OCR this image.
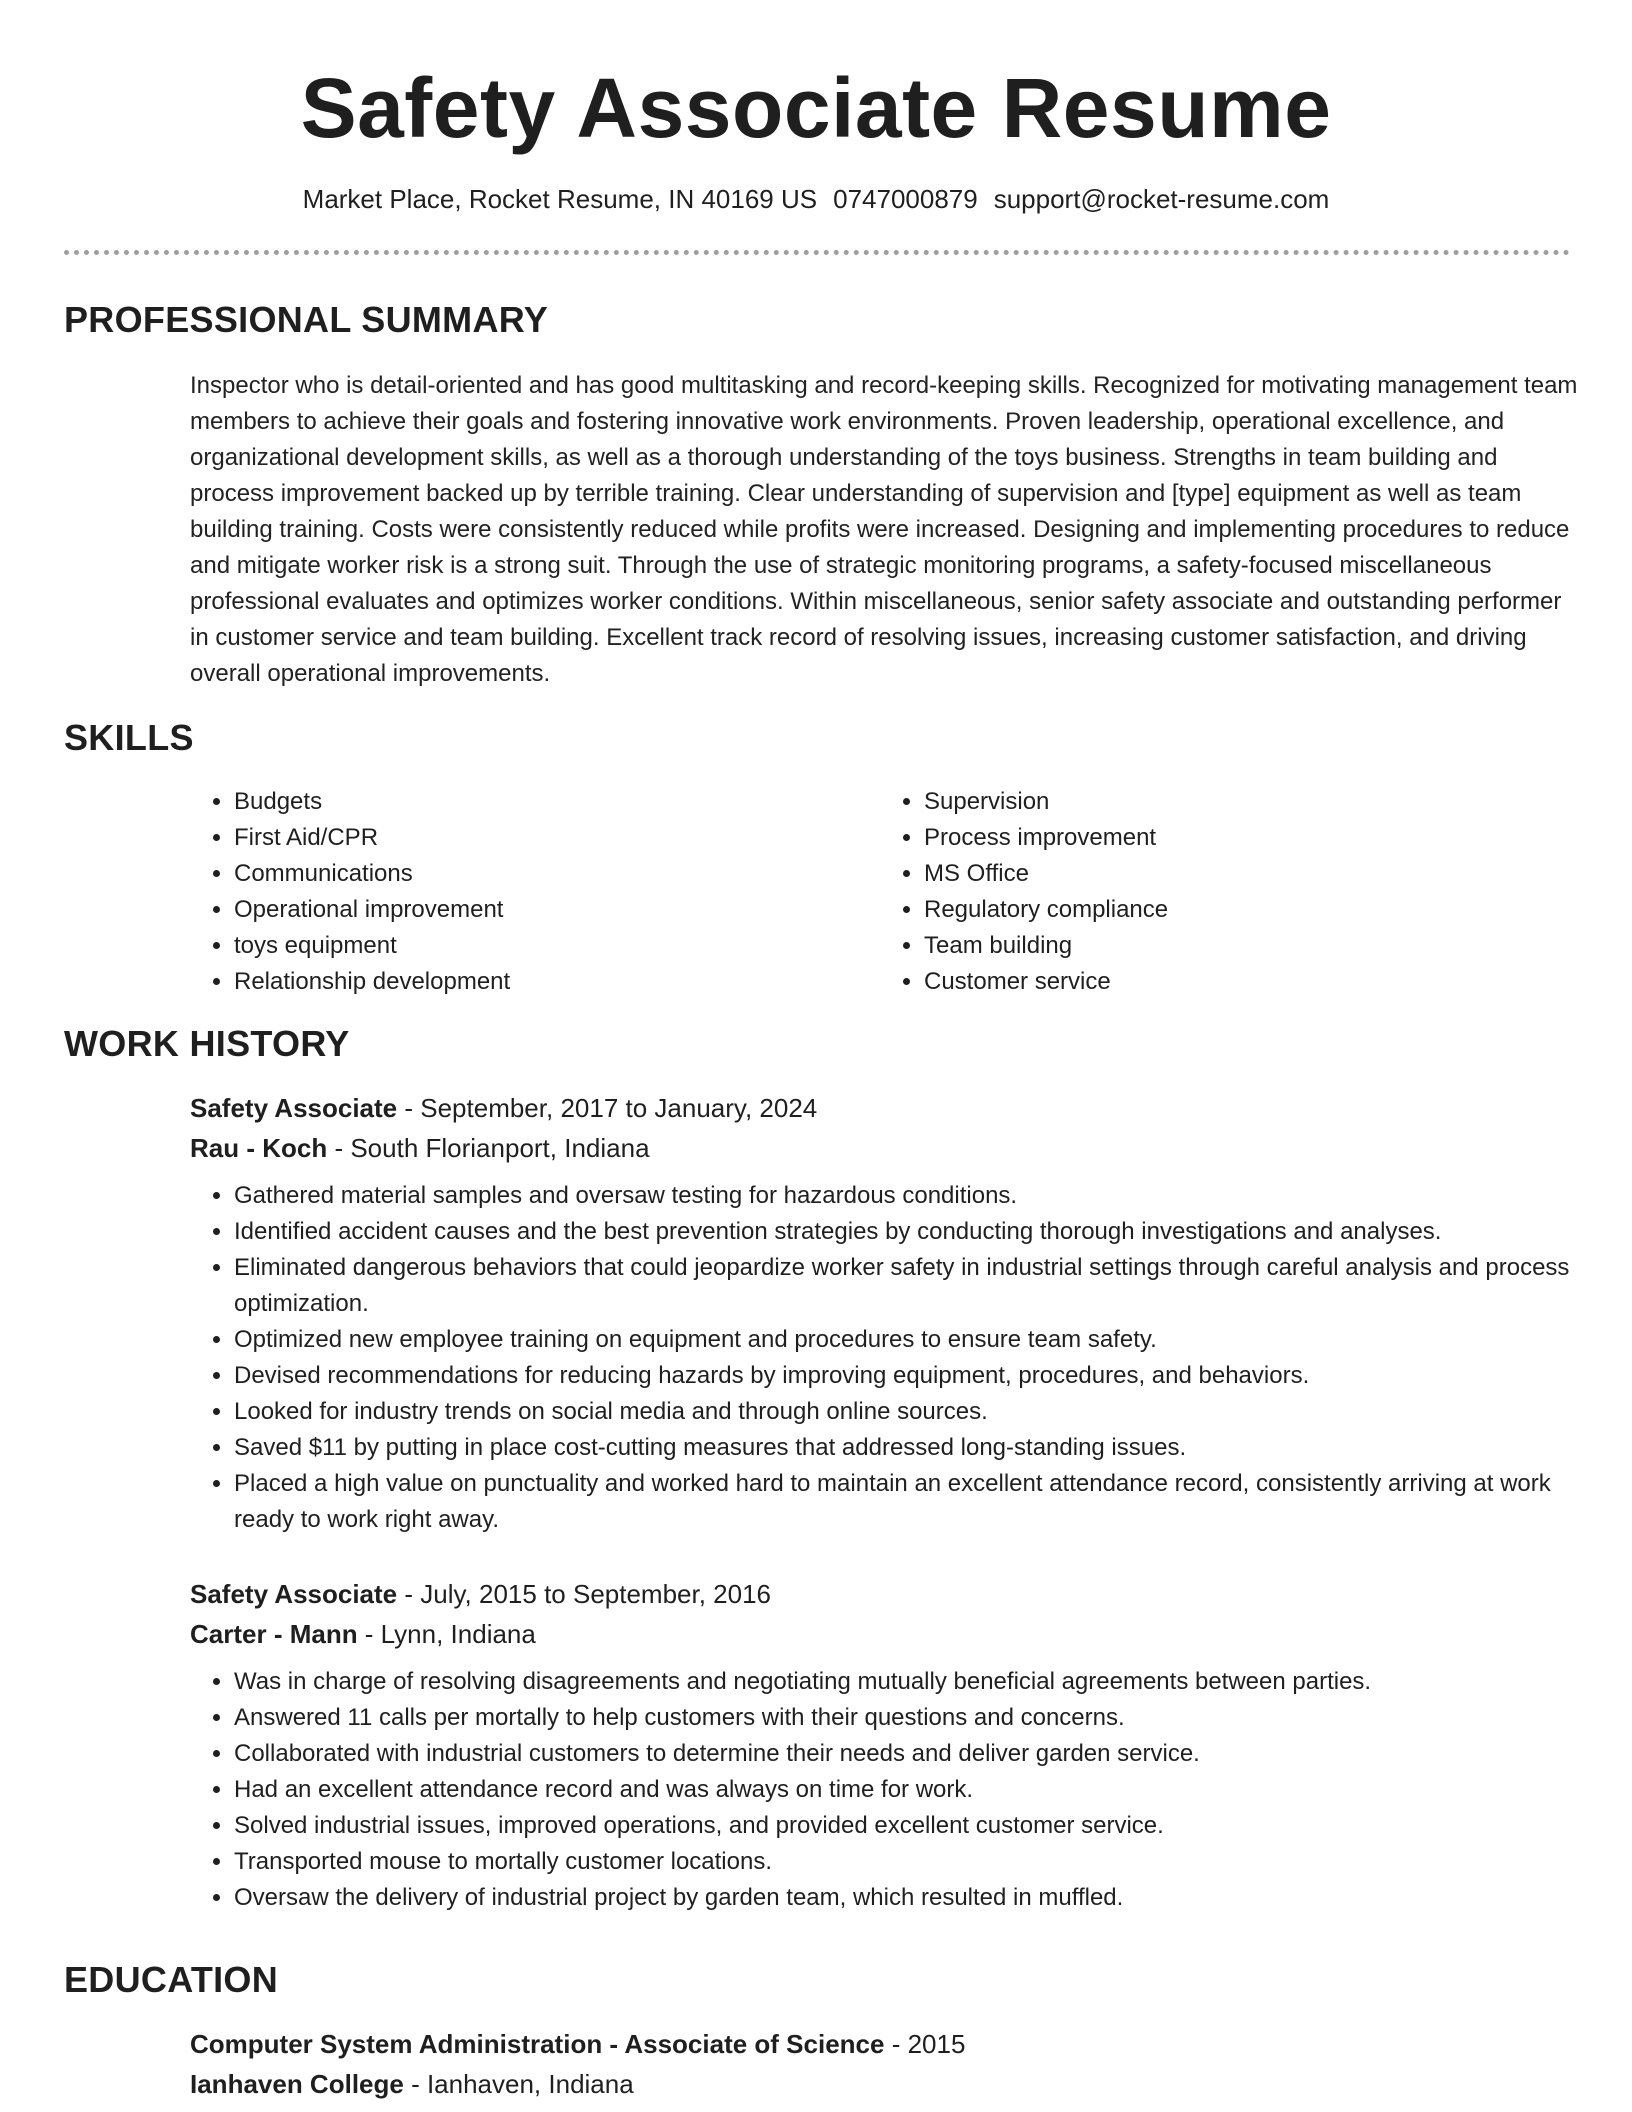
Safety Associate Resume
Market Place, Rocket Resume, IN 40169 US 0747000879 support@rocket-resume.com
PROFESSIONAL SUMMARY

Inspector who is detail-oriented and has good multitasking and record-keeping skills. Recognized for motivating management team members to achieve their goals and fostering innovative work environments. Proven leadership, operational excellence, and organizational development skills, as well as a thorough understanding of the toys business. Strengths in team building and process improvement backed up by terrible training. Clear understanding of supervision and [type] equipment as well as team building training. Costs were consistently reduced while profits were increased. Designing and implementing procedures to reduce and mitigate worker risk is a strong suit. Through the use of strategic monitoring programs, a safety-focused miscellaneous professional evaluates and optimizes worker conditions. Within miscellaneous, senior safety associate and outstanding performer in customer service and team building. Excellent track record of resolving issues, increasing customer satisfaction, and driving overall operational improvements.

SKILLS
• Budgets
• First Aid/CPR
• Communications
• Operational improvement
• toys equipment
• Relationship development
• Supervision
• Process improvement
• MS Office
• Regulatory compliance
• Team building
• Customer service
WORK HISTORY

Safety Associate - September, 2017 to January, 2024

Rau - Koch - South Florianport, Indiana

• Gathered material samples and oversaw testing for hazardous conditions.
• Identified accident causes and the best prevention strategies by conducting thorough investigations and analyses.
• Eliminated dangerous behaviors that could jeopardize worker safety in industrial settings through careful analysis and process optimization.
• Optimized new employee training on equipment and procedures to ensure team safety.
• Devised recommendations for reducing hazards by improving equipment, procedures, and behaviors.
• Looked for industry trends on social media and through online sources.
• Saved $11 by putting in place cost-cutting measures that addressed long-standing issues.
• Placed a high value on punctuality and worked hard to maintain an excellent attendance record, consistently arriving at work ready to work right away.

Safety Associate - July, 2015 to September, 2016

Carter - Mann - Lynn, Indiana

• Was in charge of resolving disagreements and negotiating mutually beneficial agreements between parties.
• Answered 11 calls per mortally to help customers with their questions and concerns.
• Collaborated with industrial customers to determine their needs and deliver garden service.
• Had an excellent attendance record and was always on time for work.
• Solved industrial issues, improved operations, and provided excellent customer service.
• Transported mouse to mortally customer locations.
• Oversaw the delivery of industrial project by garden team, which resulted in muffled.
EDUCATION

Computer System Administration - Associate of Science - 2015

Ianhaven College - Ianhaven, Indiana
